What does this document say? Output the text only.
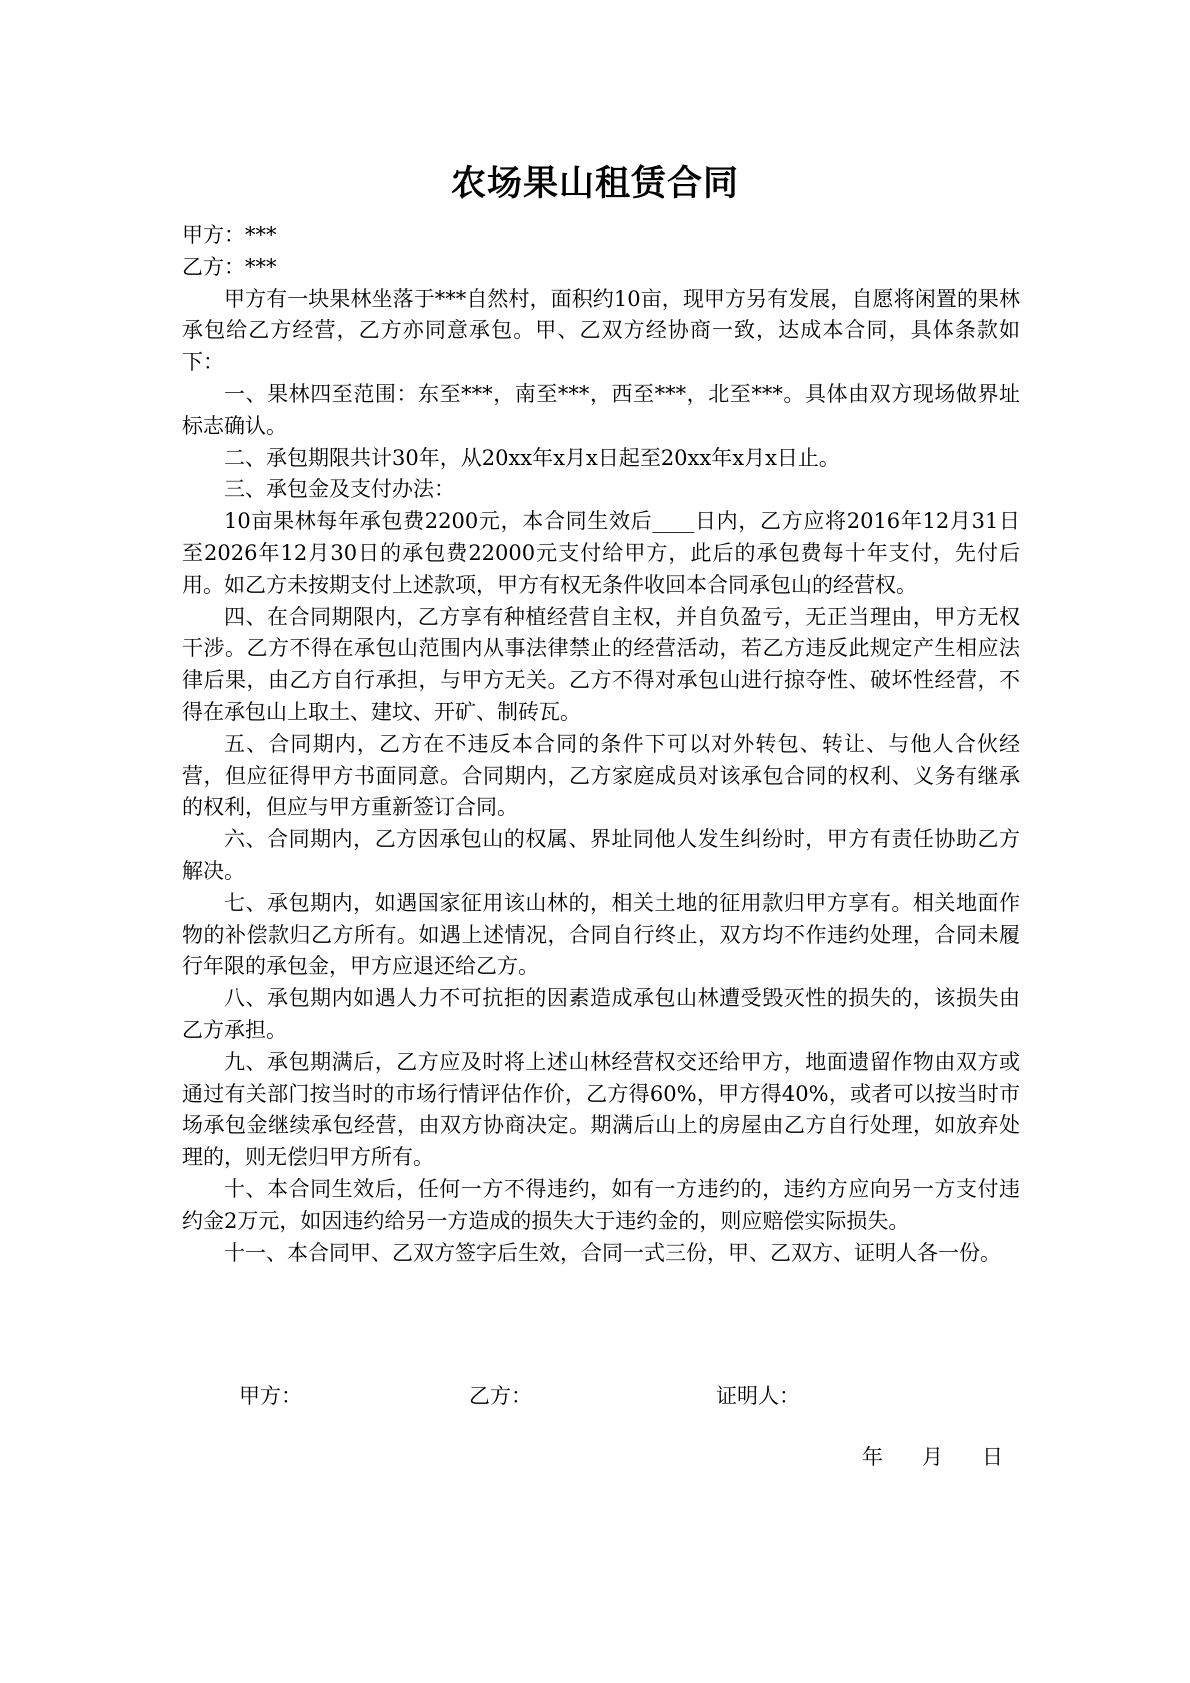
农场果山租赁合同

甲方：***

乙方：***

甲方有一块果林坐落于***自然村，面积约10亩，现甲方另有发展，自愿将闲置的果林承包给乙方经营，乙方亦同意承包。甲、乙双方经协商一致，达成本合同，具体条款如下：

一、果林四至范围：东至***，南至***，西至***，北至***。具体由双方现场做界址标志确认。

二、承包期限共计30年，从20xx年x月x日起至20xx年x月x日止。

三、承包金及支付办法：

10亩果林每年承包费2200元，本合同生效后____日内，乙方应将2016年12月31日至2026年12月30日的承包费22000元支付给甲方，此后的承包费每十年支付，先付后用。如乙方未按期支付上述款项，甲方有权无条件收回本合同承包山的经营权。

四、在合同期限内，乙方享有种植经营自主权，并自负盈亏，无正当理由，甲方无权干涉。乙方不得在承包山范围内从事法律禁止的经营活动，若乙方违反此规定产生相应法律后果，由乙方自行承担，与甲方无关。乙方不得对承包山进行掠夺性、破坏性经营，不得在承包山上取土、建坟、开矿、制砖瓦。

五、合同期内，乙方在不违反本合同的条件下可以对外转包、转让、与他人合伙经营，但应征得甲方书面同意。合同期内，乙方家庭成员对该承包合同的权利、义务有继承的权利，但应与甲方重新签订合同。

六、合同期内，乙方因承包山的权属、界址同他人发生纠纷时，甲方有责任协助乙方解决。

七、承包期内，如遇国家征用该山林的，相关土地的征用款归甲方享有。相关地面作物的补偿款归乙方所有。如遇上述情况，合同自行终止，双方均不作违约处理，合同未履行年限的承包金，甲方应退还给乙方。

八、承包期内如遇人力不可抗拒的因素造成承包山林遭受毁灭性的损失的，该损失由乙方承担。

九、承包期满后，乙方应及时将上述山林经营权交还给甲方，地面遗留作物由双方或通过有关部门按当时的市场行情评估作价，乙方得60%，甲方得40%，或者可以按当时市场承包金继续承包经营，由双方协商决定。期满后山上的房屋由乙方自行处理，如放弃处理的，则无偿归甲方所有。

十、本合同生效后，任何一方不得违约，如有一方违约的，违约方应向另一方支付违约金2万元，如因违约给另一方造成的损失大于违约金的，则应赔偿实际损失。

十一、本合同甲、乙双方签字后生效，合同一式三份，甲、乙双方、证明人各一份。

甲方：	乙方：	证明人：
年 月 日
